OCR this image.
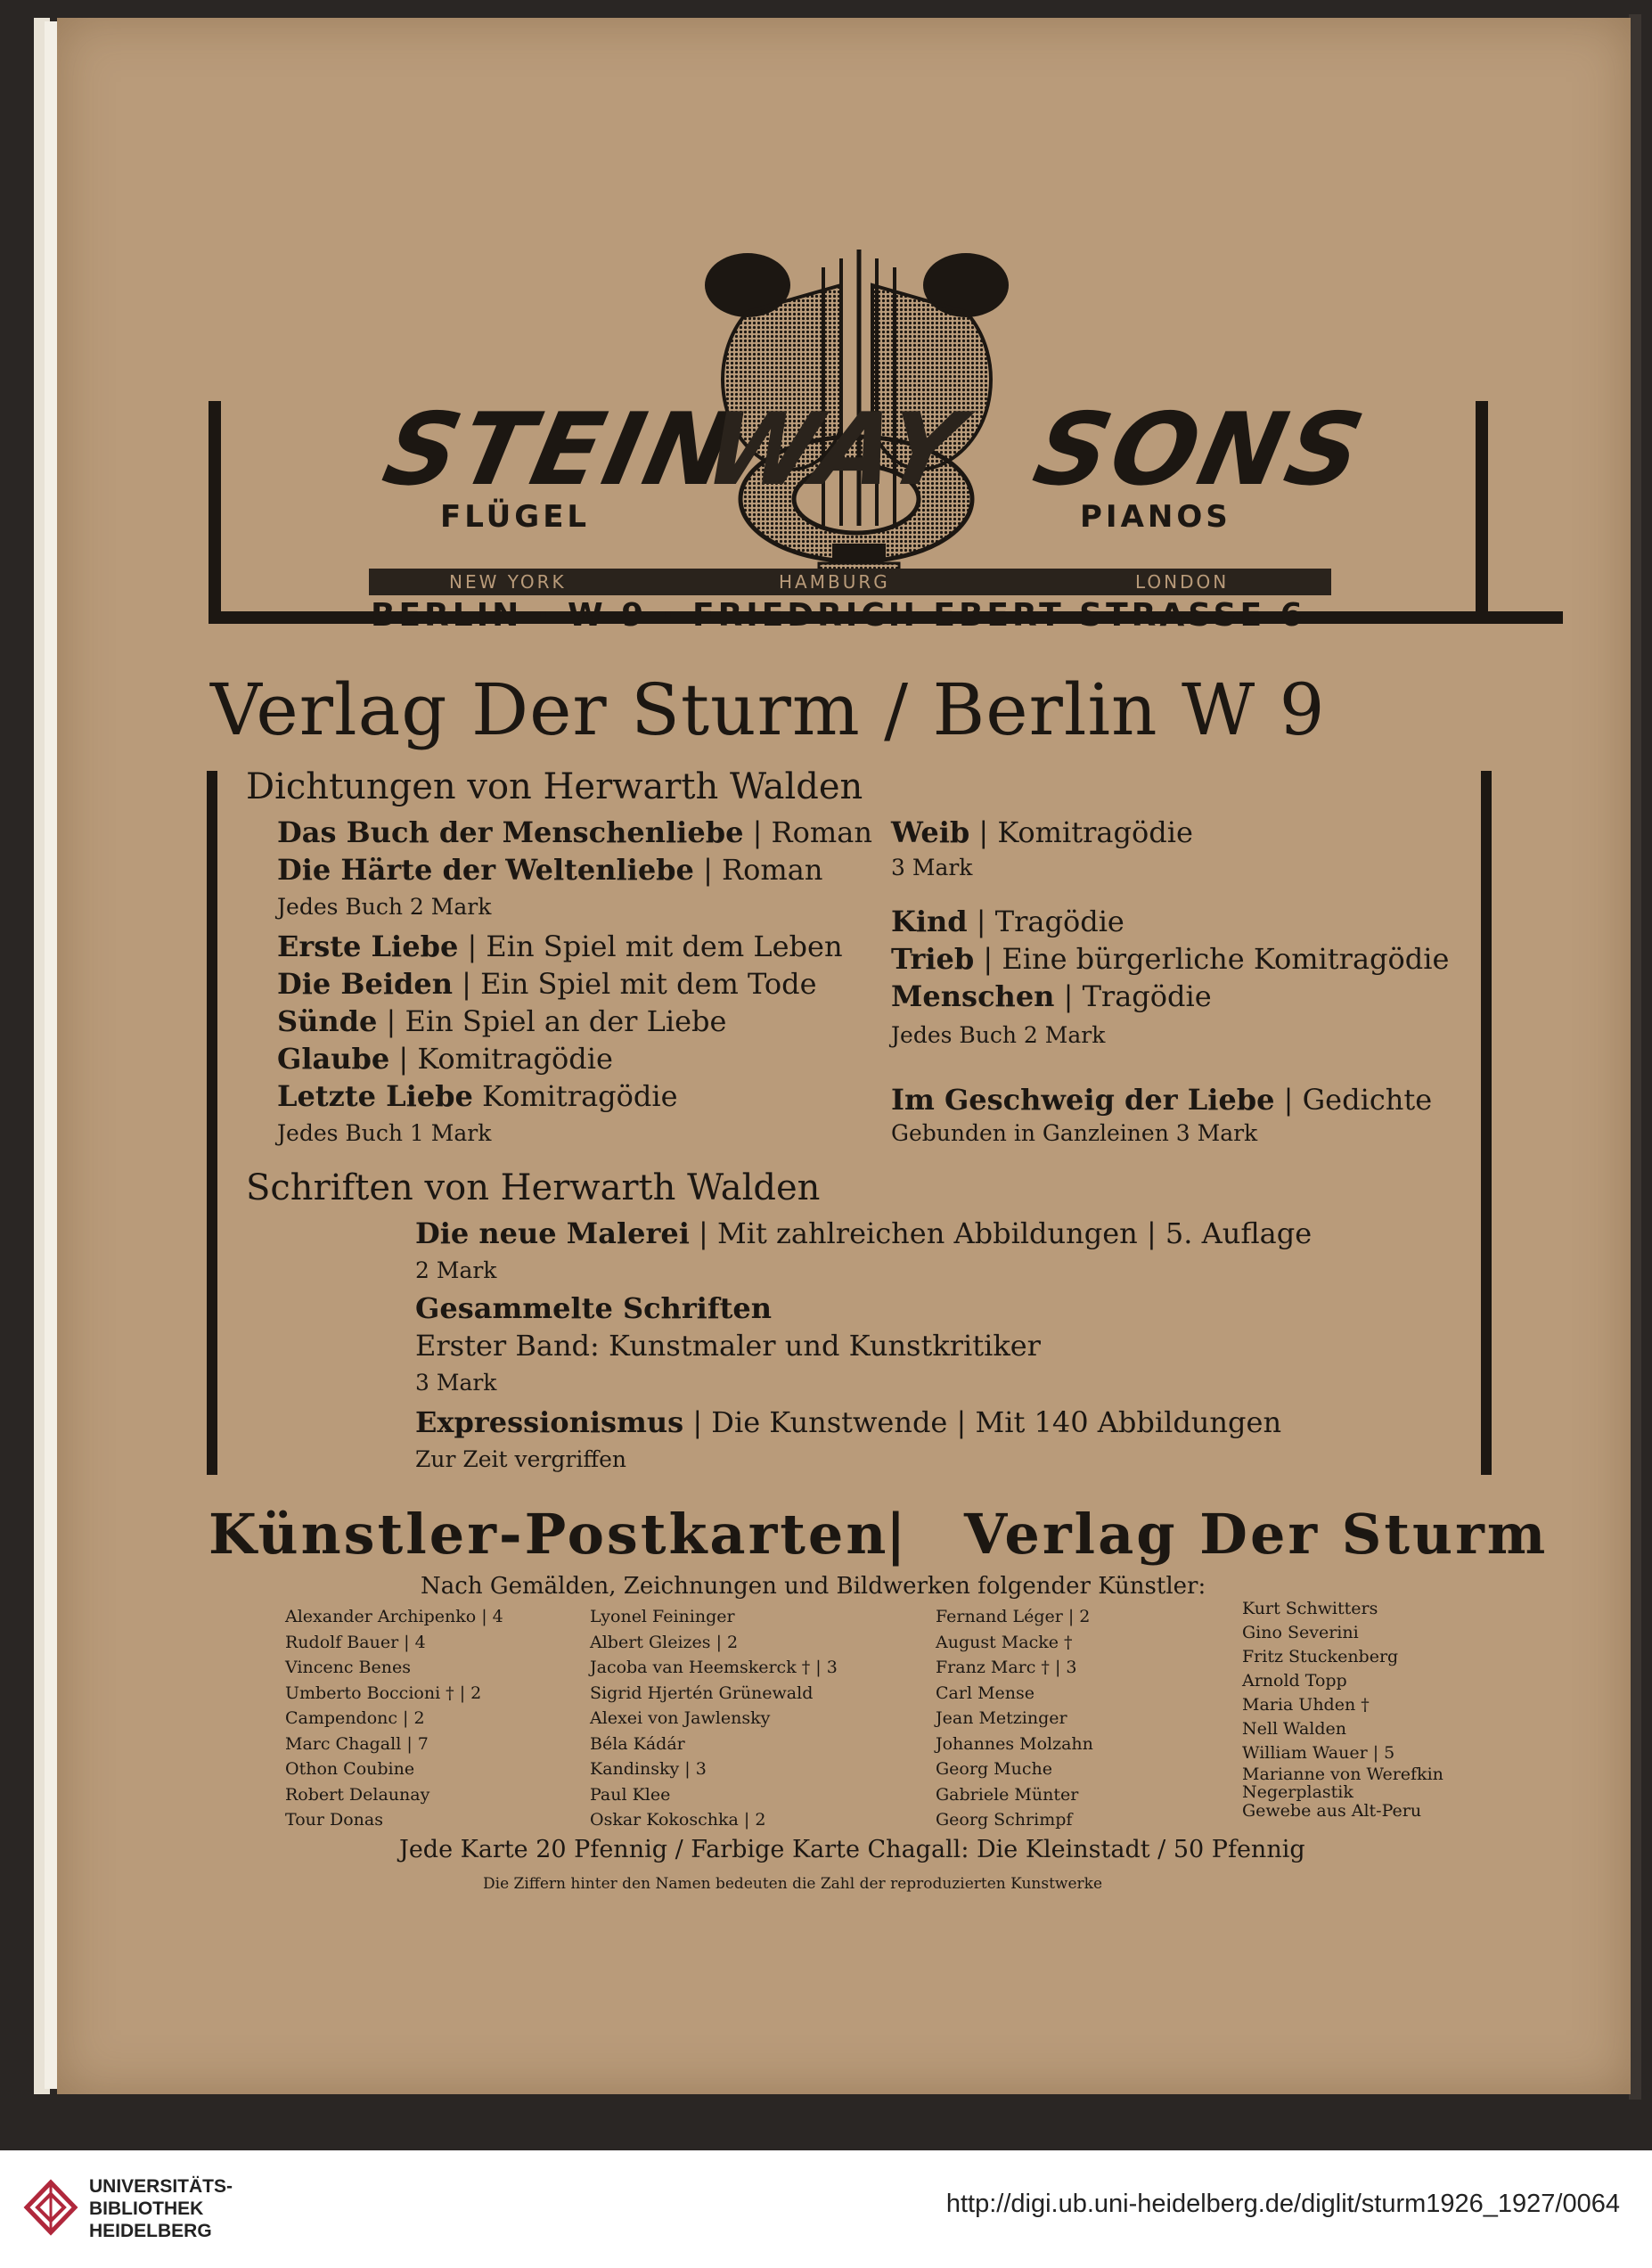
STEIN
WAY SONS
FLÜGEL	PIANOS
NEW YORK	HAMBURG	LONDON
BERLIN · W 9 · FRIEDRICH EBERT STRASSE 6
Verlag Der Sturm / Berlin W 9
Dichtungen von Herwarth Walden
Das Buch der Menschenliebe | Roman
Die Härte der Weltenliebe | Roman
Jedes Buch 2 Mark
Erste Liebe | Ein Spiel mit dem Leben
Die Beiden | Ein Spiel mit dem Tode
Sünde | Ein Spiel an der Liebe
Glaube | Komitragödie
Letzte Liebe Komitragödie
Jedes Buch 1 Mark
Weib | Komitragödie
3 Mark
Kind | Tragödie
Trieb | Eine bürgerliche Komitragödie
Menschen | Tragödie
Jedes Buch 2 Mark
Im Geschweig der Liebe | Gedichte
Gebunden in Ganzleinen 3 Mark
Schriften von Herwarth Walden
Die neue Malerei | Mit zahlreichen Abbildungen | 5. Auflage
2 Mark
Gesammelte Schriften
Erster Band: Kunstmaler und Kunstkritiker
3 Mark
Expressionismus | Die Kunstwende | Mit 140 Abbildungen
Zur Zeit vergriffen
Künstler-Postkarten
| Verlag Der Sturm
Nach Gemälden, Zeichnungen und Bildwerken folgender Künstler:
Alexander Archipenko | 4
Rudolf Bauer | 4
Vincenc Benes
Umberto Boccioni † | 2
Campendonc | 2
Marc Chagall | 7
Othon Coubine
Robert Delaunay
Tour Donas
Lyonel Feininger
Albert Gleizes | 2
Jacoba van Heemskerck † | 3
Sigrid Hjertén Grünewald
Alexei von Jawlensky
Béla Kádár
Kandinsky | 3
Paul Klee
Oskar Kokoschka | 2
Fernand Léger | 2
August Macke †
Franz Marc † | 3
Carl Mense
Jean Metzinger
Johannes Molzahn
Georg Muche
Gabriele Münter
Georg Schrimpf
Kurt Schwitters
Gino Severini
Fritz Stuckenberg
Arnold Topp
Maria Uhden †
Nell Walden
William Wauer | 5
Marianne von Werefkin
Negerplastik
Gewebe aus Alt-Peru
Jede Karte 20 Pfennig / Farbige Karte Chagall: Die Kleinstadt / 50 Pfennig
Die Ziffern hinter den Namen bedeuten die Zahl der reproduzierten Kunstwerke
UNIVERSITÄTS-
BIBLIOTHEK
HEIDELBERG
http://digi.ub.uni-heidelberg.de/diglit/sturm1926_1927/0064
